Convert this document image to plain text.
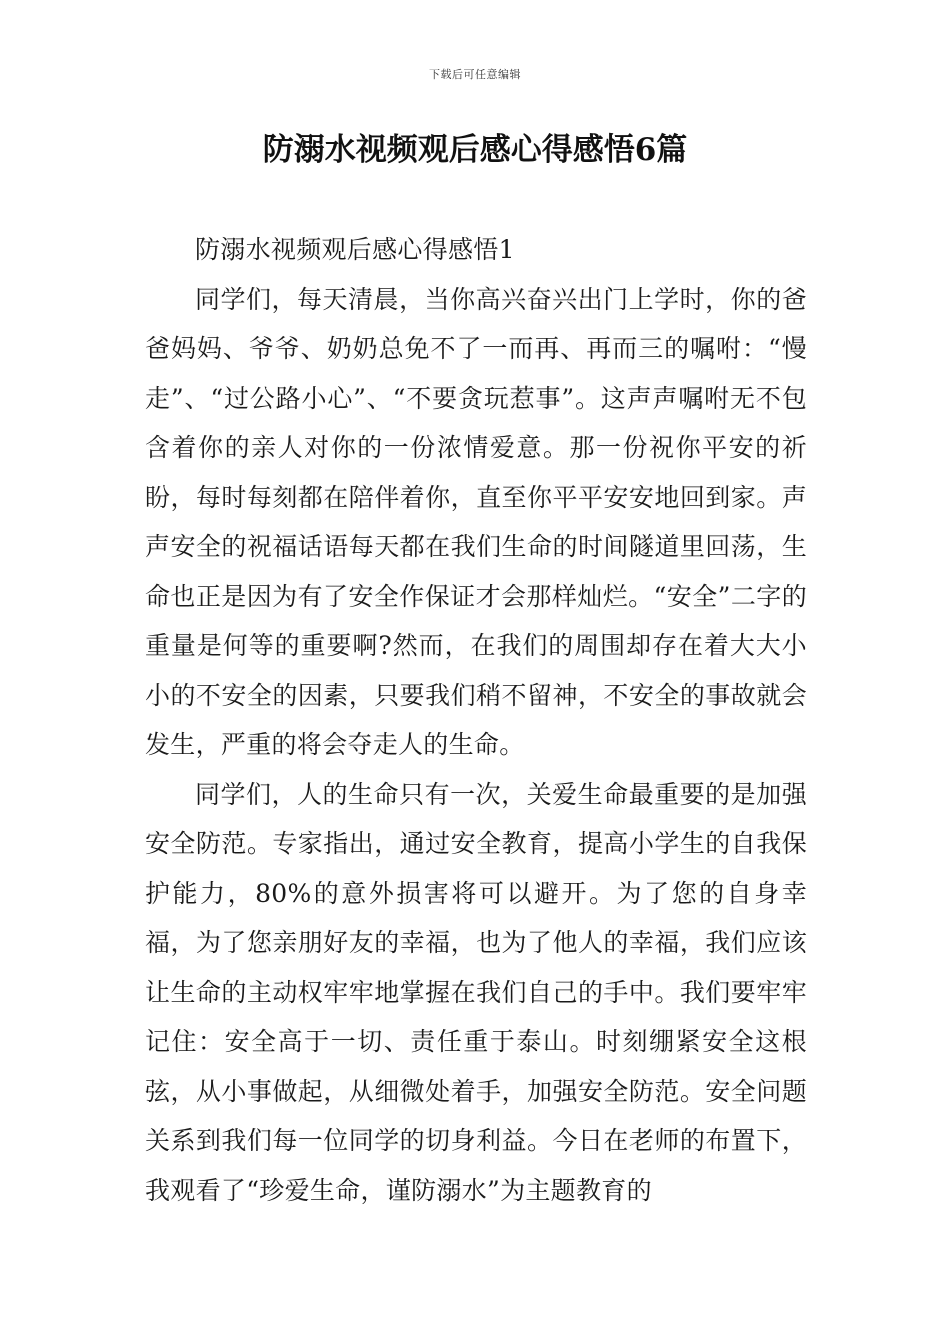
下载后可任意编辑
防溺水视频观后感心得感悟6篇

防溺水视频观后感心得感悟1

同学们，每天清晨，当你高兴奋兴出门上学时，你的爸爸妈妈、爷爷、奶奶总免不了一而再、再而三的嘱咐：“慢走”、“过公路小心”、“不要贪玩惹事”。这声声嘱咐无不包含着你的亲人对你的一份浓情爱意。那一份祝你平安的祈盼，每时每刻都在陪伴着你，直至你平平安安地回到家。声声安全的祝福话语每天都在我们生命的时间隧道里回荡，生命也正是因为有了安全作保证才会那样灿烂。“安全”二字的重量是何等的重要啊?然而，在我们的周围却存在着大大小小的不安全的因素，只要我们稍不留神，不安全的事故就会发生，严重的将会夺走人的生命。

同学们，人的生命只有一次，关爱生命最重要的是加强安全防范。专家指出，通过安全教育，提高小学生的自我保护能力，80%的意外损害将可以避开。为了您的自身幸福，为了您亲朋好友的幸福，也为了他人的幸福，我们应该让生命的主动权牢牢地掌握在我们自己的手中。我们要牢牢记住：安全高于一切、责任重于泰山。时刻绷紧安全这根弦，从小事做起，从细微处着手，加强安全防范。安全问题关系到我们每一位同学的切身利益。今日在老师的布置下，我观看了“珍爱生命，谨防溺水”为主题教育的
